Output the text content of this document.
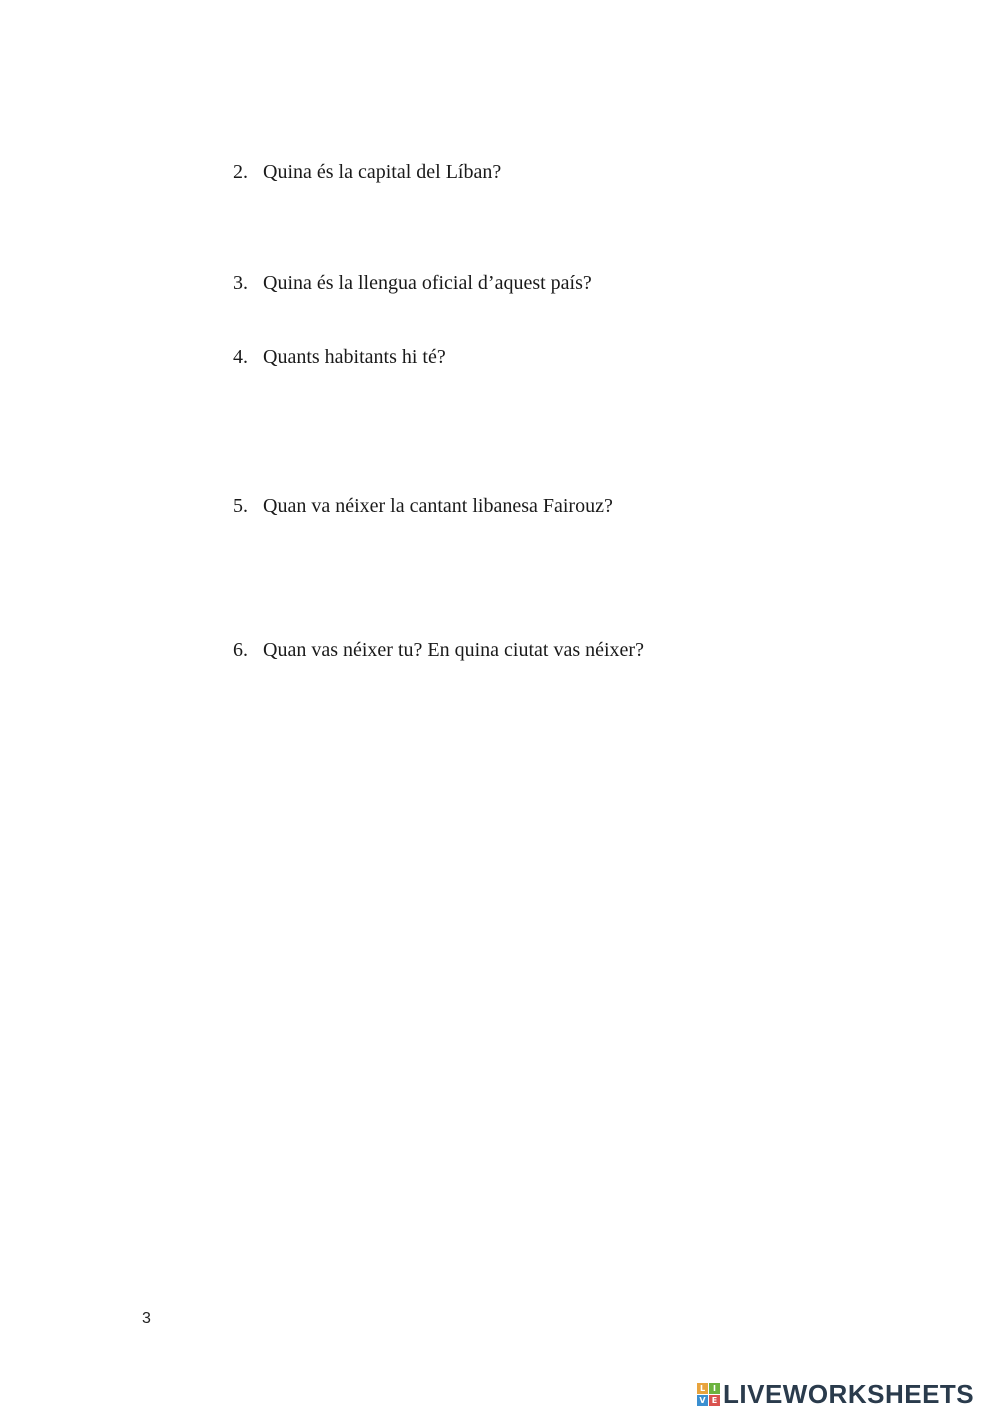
2. Quina és la capital del Líban?
3. Quina és la llengua oficial d’aquest país?
4. Quants habitants hi té?
5. Quan va néixer la cantant libanesa Fairouz?
6. Quan vas néixer tu? En quina ciutat vas néixer?
3
L I
V E LIVEWORKSHEETS
